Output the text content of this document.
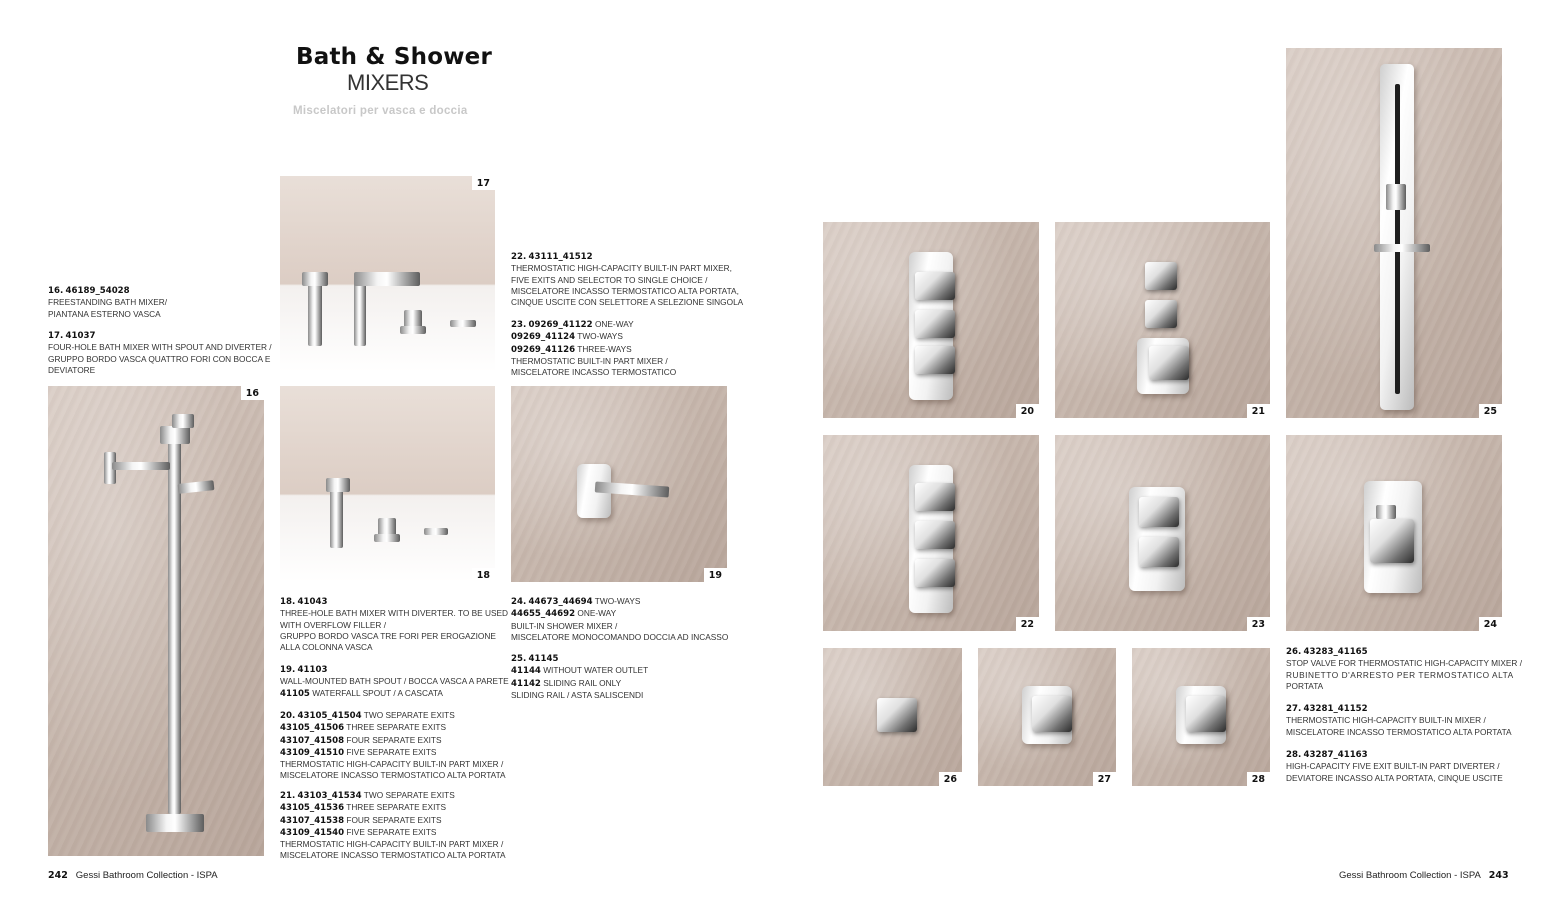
Bath & Shower
MIXERS
Miscelatori per vasca e doccia
16
17
18	19
20	21	25
22	23	24
26	27	28
16. 46189_54028
FREESTANDING BATH MIXER/
PIANTANA ESTERNO VASCA
17. 41037
FOUR-HOLE BATH MIXER WITH SPOUT AND DIVERTER /
GRUPPO BORDO VASCA QUATTRO FORI CON BOCCA E
DEVIATORE
18. 41043
THREE-HOLE BATH MIXER WITH DIVERTER. TO BE USED
WITH OVERFLOW FILLER /
GRUPPO BORDO VASCA TRE FORI PER EROGAZIONE
ALLA COLONNA VASCA
19. 41103
WALL-MOUNTED BATH SPOUT / BOCCA VASCA A PARETE
41105 WATERFALL SPOUT / A CASCATA
20. 43105_41504 TWO SEPARATE EXITS
43105_41506 THREE SEPARATE EXITS
43107_41508 FOUR SEPARATE EXITS
43109_41510 FIVE SEPARATE EXITS
THERMOSTATIC HIGH-CAPACITY BUILT-IN PART MIXER /
MISCELATORE INCASSO TERMOSTATICO ALTA PORTATA
21. 43103_41534 TWO SEPARATE EXITS
43105_41536 THREE SEPARATE EXITS
43107_41538 FOUR SEPARATE EXITS
43109_41540 FIVE SEPARATE EXITS
THERMOSTATIC HIGH-CAPACITY BUILT-IN PART MIXER /
MISCELATORE INCASSO TERMOSTATICO ALTA PORTATA
22. 43111_41512
THERMOSTATIC HIGH-CAPACITY BUILT-IN PART MIXER,
FIVE EXITS AND SELECTOR TO SINGLE CHOICE /
MISCELATORE INCASSO TERMOSTATICO ALTA PORTATA,
CINQUE USCITE CON SELETTORE A SELEZIONE SINGOLA
23. 09269_41122 ONE-WAY
09269_41124 TWO-WAYS
09269_41126 THREE-WAYS
THERMOSTATIC BUILT-IN PART MIXER /
MISCELATORE INCASSO TERMOSTATICO
24. 44673_44694 TWO-WAYS
44655_44692 ONE-WAY
BUILT-IN SHOWER MIXER /
MISCELATORE MONOCOMANDO DOCCIA AD INCASSO
25. 41145
41144 WITHOUT WATER OUTLET
41142 SLIDING RAIL ONLY
SLIDING RAIL / ASTA SALISCENDI
26. 43283_41165
STOP VALVE FOR THERMOSTATIC HIGH-CAPACITY MIXER /
RUBINETTO D'ARRESTO PER TERMOSTATICO ALTA
PORTATA
27. 43281_41152
THERMOSTATIC HIGH-CAPACITY BUILT-IN MIXER /
MISCELATORE INCASSO TERMOSTATICO ALTA PORTATA
28. 43287_41163
HIGH-CAPACITY FIVE EXIT BUILT-IN PART DIVERTER /
DEVIATORE INCASSO ALTA PORTATA, CINQUE USCITE
242 Gessi Bathroom Collection - ISPA	Gessi Bathroom Collection - ISPA 243
